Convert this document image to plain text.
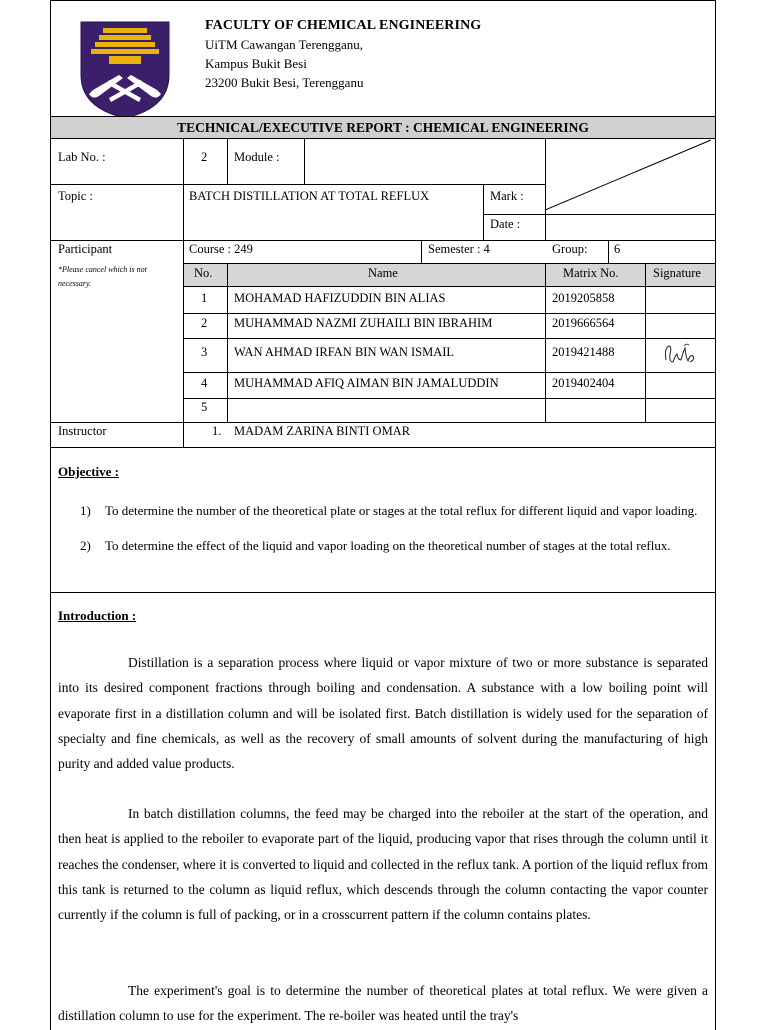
FACULTY OF CHEMICAL ENGINEERING
UiTM Cawangan Terengganu,
Kampus Bukit Besi
23200 Bukit Besi, Terengganu
TECHNICAL/EXECUTIVE REPORT : CHEMICAL ENGINEERING
Lab No. :	2 Module :
Topic :	BATCH DISTILLATION AT TOTAL REFLUX	Mark :
Date :
Participant
*Please cancel which is not necessary.
Course : 249	Semester : 4	Group: 6
No.	Name	Matrix No.	Signature
1 MOHAMAD HAFIZUDDIN BIN ALIAS	2019205858
2 MUHAMMAD NAZMI ZUHAILI BIN IBRAHIM	2019666564
3 WAN AHMAD IRFAN BIN WAN ISMAIL	2019421488
4 MUHAMMAD AFIQ AIMAN BIN JAMALUDDIN	2019402404
5
Instructor	1. MADAM ZARINA BINTI OMAR
Objective :
1) To determine the number of the theoretical plate or stages at the total reflux for different liquid and vapor loading.
2) To determine the effect of the liquid and vapor loading on the theoretical number of stages at the total reflux.
Introduction :
Distillation is a separation process where liquid or vapor mixture of two or more substance is separated into its desired component fractions through boiling and condensation. A substance with a low boiling point will evaporate first in a distillation column and will be isolated first. Batch distillation is widely used for the separation of specialty and fine chemicals, as well as the recovery of small amounts of solvent during the manufacturing of high purity and added value products.
In batch distillation columns, the feed may be charged into the reboiler at the start of the operation, and then heat is applied to the reboiler to evaporate part of the liquid, producing vapor that rises through the column until it reaches the condenser, where it is converted to liquid and collected in the reflux tank. A portion of the liquid reflux from this tank is returned to the column as liquid reflux, which descends through the column contacting the vapor counter currently if the column is full of packing, or in a crosscurrent pattern if the column contains plates.
The experiment's goal is to determine the number of theoretical plates at total reflux. We were given a distillation column to use for the experiment. The re-boiler was heated until the tray's
